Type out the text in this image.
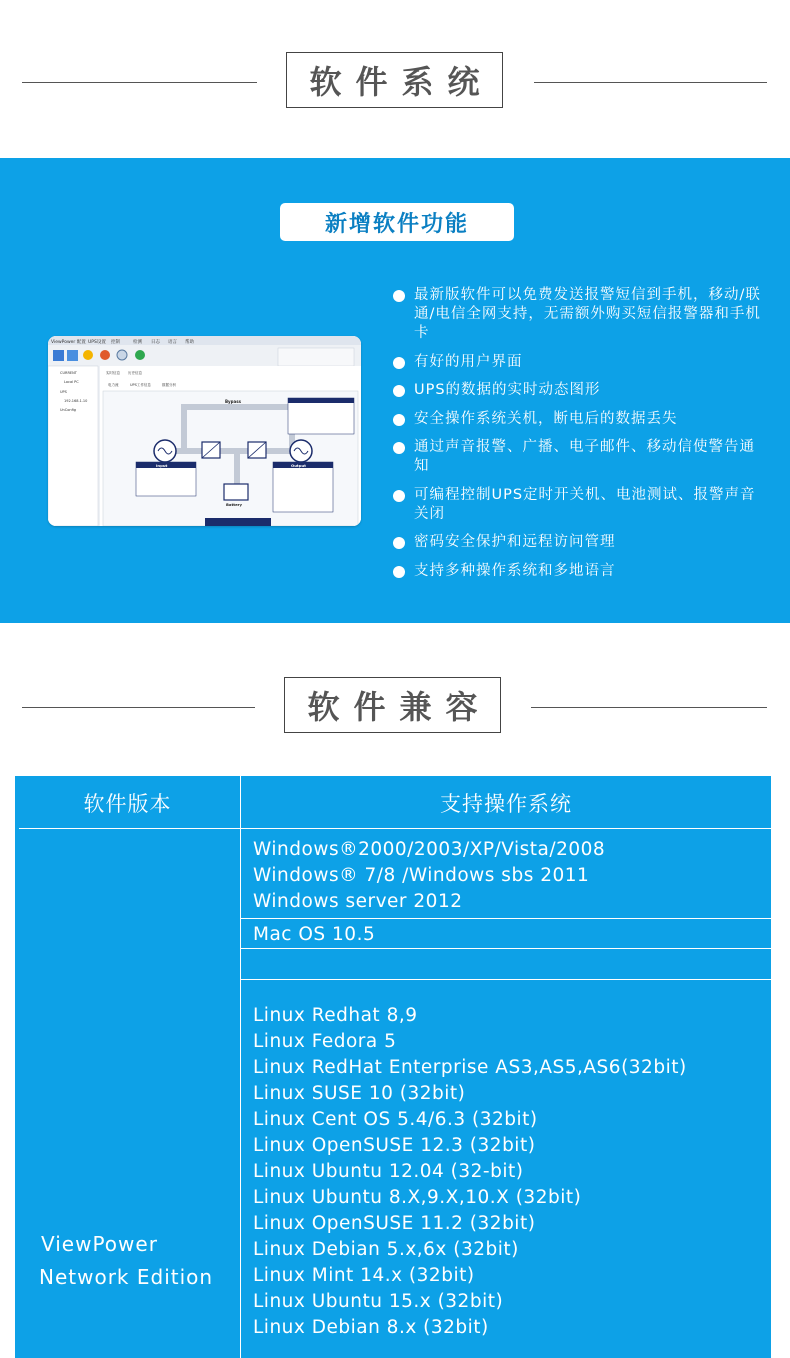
软件系统
新增软件功能
ViewPower 配置 UPS设置 控制	检测 日志 语言 帮助
CURRENT
Local PC
UPS
192.168.1.10
UnConfig
实时信息 历史信息
电力流	UPS工作信息	数据分析
Bypass
Battery
Input	Output
最新版软件可以免费发送报警短信到手机，移动/联通/电信全网支持，无需额外购买短信报警器和手机卡
有好的用户界面
UPS的数据的实时动态图形
安全操作系统关机，断电后的数据丢失
通过声音报警、广播、电子邮件、移动信使警告通知
可编程控制UPS定时开关机、电池测试、报警声音关闭
密码安全保护和远程访问管理
支持多种操作系统和多地语言
软件兼容
软件版本	支持操作系统
ViewPower
Network Edition
Windows®2000/2003/XP/Vista/2008
Windows® 7/8 /Windows sbs 2011
Windows server 2012
Mac OS 10.5
Linux Redhat 8,9
Linux Fedora 5
Linux RedHat Enterprise AS3,AS5,AS6(32bit)
Linux SUSE 10 (32bit)
Linux Cent OS 5.4/6.3 (32bit)
Linux OpenSUSE 12.3 (32bit)
Linux Ubuntu 12.04 (32-bit)
Linux Ubuntu 8.X,9.X,10.X (32bit)
Linux OpenSUSE 11.2 (32bit)
Linux Debian 5.x,6x (32bit)
Linux Mint 14.x (32bit)
Linux Ubuntu 15.x (32bit)
Linux Debian 8.x (32bit)
